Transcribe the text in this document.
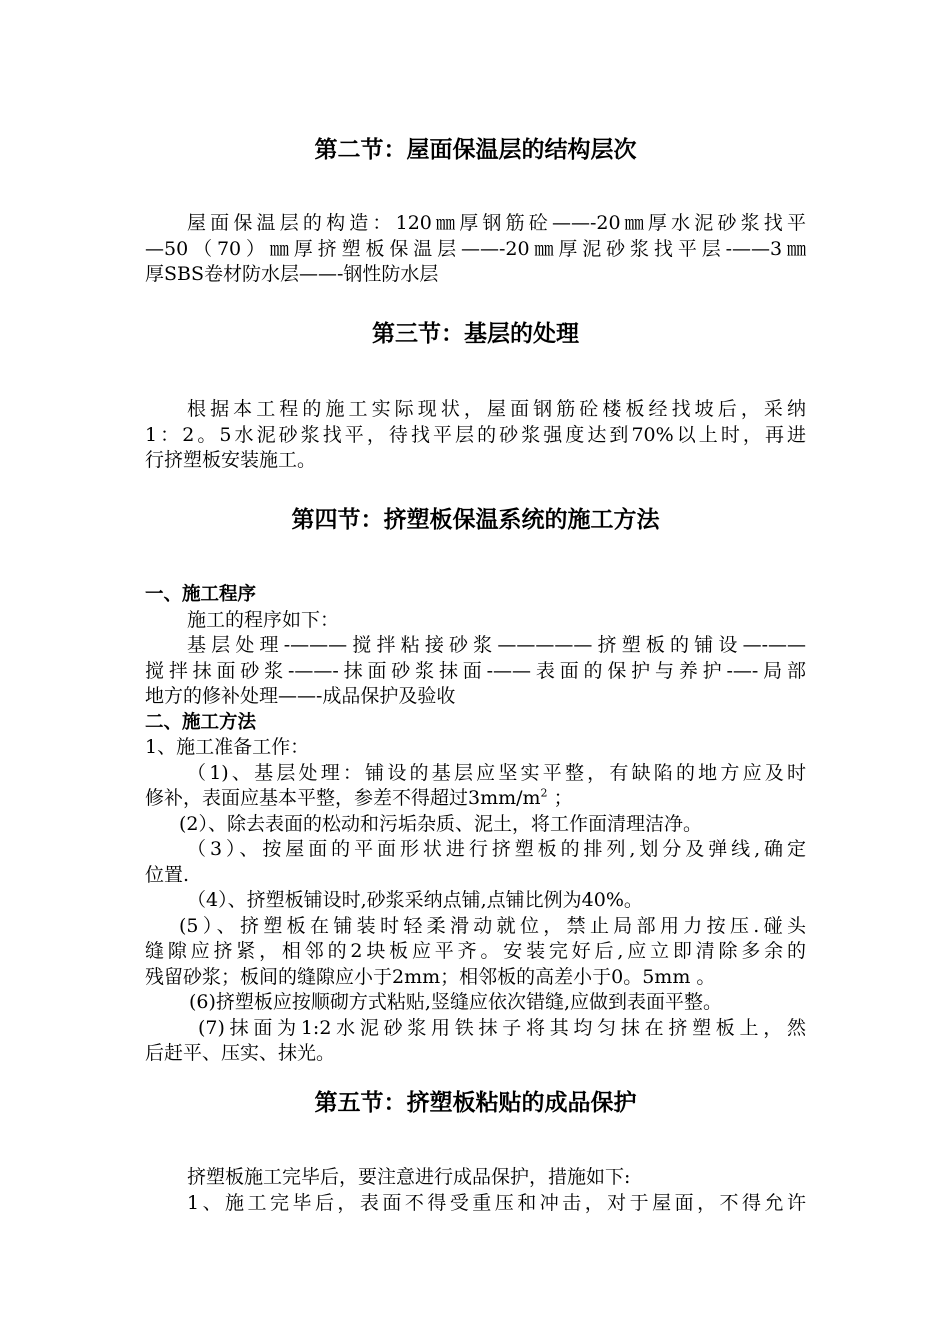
第二节：屋面保温层的结构层次
屋面保温层的构造：120㎜厚钢筋砼——-20㎜厚水泥砂浆找平
—50（70）㎜厚挤塑板保温层——-20㎜厚泥砂浆找平层-——3㎜
厚SBS卷材防水层——-钢性防水层
第三节：基层的处理
根据本工程的施工实际现状，屋面钢筋砼楼板经找坡后，采纳
1：2。5水泥砂浆找平，待找平层的砂浆强度达到70%以上时，再进
行挤塑板安装施工。
第四节：挤塑板保温系统的施工方法
一、施工程序
施工的程序如下：
基层处理-———搅拌粘接砂浆—————挤塑板的铺设—-——
搅拌抹面砂浆-——-抹面砂浆抹面-——表面的保护与养护-—-局部
地方的修补处理——-成品保护及验收
二、施工方法
1、施工准备工作：
（1)、基层处理：铺设的基层应坚实平整，有缺陷的地方应及时
修补，表面应基本平整，参差不得超过$3mm/m^2$ ；
(2）、除去表面的松动和污垢杂质、泥土，将工作面清理洁净。
（3）、按屋面的平面形状进行挤塑板的排列,划分及弹线,确定
位置.
（4）、挤塑板铺设时,砂浆采纳点铺,点铺比例为40%。
(5）、挤塑板在铺装时轻柔滑动就位，禁止局部用力按压.碰头
缝隙应挤紧，相邻的2块板应平齐。安装完好后,应立即清除多余的
残留砂浆；板间的缝隙应小于2mm；相邻板的高差小于0。5mm 。
(6)挤塑板应按顺砌方式粘贴,竖缝应依次错缝,应做到表面平整。
(7)抹面为1:2水泥砂浆用铁抹子将其均匀抹在挤塑板上，然
后赶平、压实、抹光。
第五节：挤塑板粘贴的成品保护
挤塑板施工完毕后，要注意进行成品保护，措施如下:
1、施工完毕后，表面不得受重压和冲击，对于屋面，不得允许
